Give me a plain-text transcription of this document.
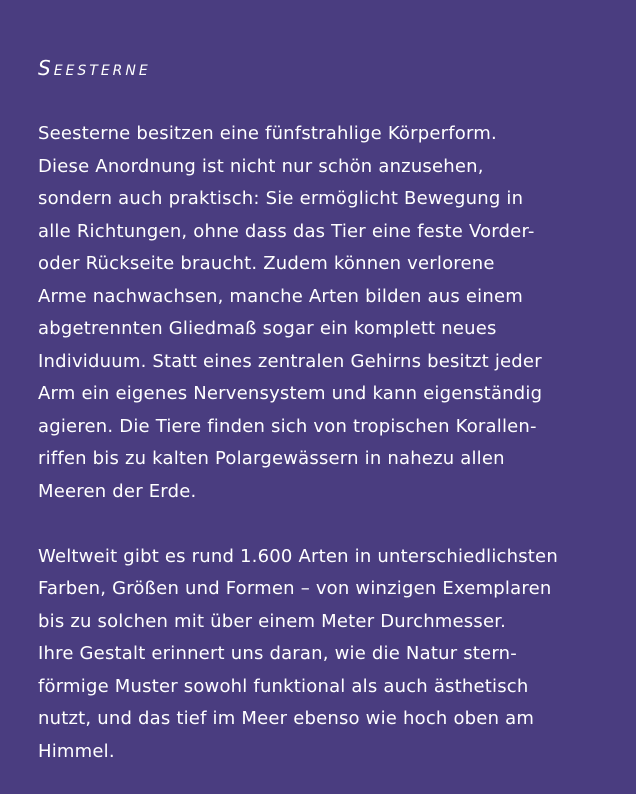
Seesterne
Seesterne besitzen eine fünfstrahlige Körperform.
Diese Anordnung ist nicht nur schön anzusehen,
sondern auch praktisch: Sie ermöglicht Bewegung in
alle Richtungen, ohne dass das Tier eine feste Vorder-
oder Rückseite braucht. Zudem können verlorene
Arme nachwachsen, manche Arten bilden aus einem
abgetrennten Gliedmaß sogar ein komplett neues
Individuum. Statt eines zentralen Gehirns besitzt jeder
Arm ein eigenes Nervensystem und kann eigenständig
agieren. Die Tiere finden sich von tropischen Korallen-
riffen bis zu kalten Polargewässern in nahezu allen
Meeren der Erde.
Weltweit gibt es rund 1.600 Arten in unterschiedlichsten
Farben, Größen und Formen – von winzigen Exemplaren
bis zu solchen mit über einem Meter Durchmesser.
Ihre Gestalt erinnert uns daran, wie die Natur stern-
förmige Muster sowohl funktional als auch ästhetisch
nutzt, und das tief im Meer ebenso wie hoch oben am
Himmel.
